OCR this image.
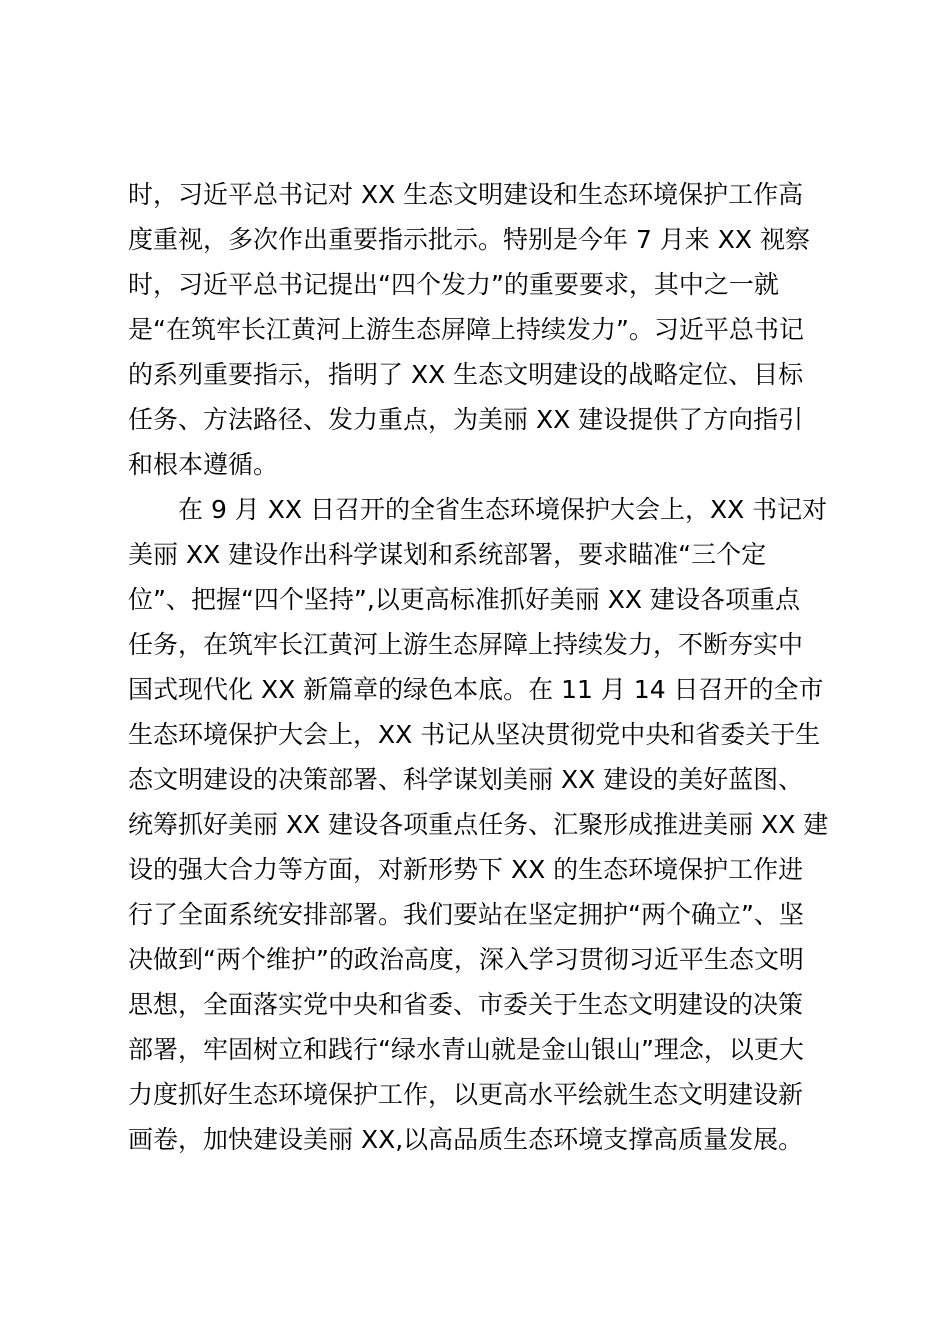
时，习近平总书记对 XX 生态文明建设和生态环境保护工作高
度重视，多次作出重要指示批示。特别是今年 7 月来 XX 视察
时，习近平总书记提出“四个发力”的重要要求，其中之一就
是“在筑牢长江黄河上游生态屏障上持续发力”。习近平总书记
的系列重要指示，指明了 XX 生态文明建设的战略定位、目标
任务、方法路径、发力重点，为美丽 XX 建设提供了方向指引
和根本遵循。
在 9 月 XX 日召开的全省生态环境保护大会上，XX 书记对
美丽 XX 建设作出科学谋划和系统部署，要求瞄准“三个定
位”、把握“四个坚持”,以更高标准抓好美丽 XX 建设各项重点
任务，在筑牢长江黄河上游生态屏障上持续发力，不断夯实中
国式现代化 XX 新篇章的绿色本底。在 11 月 14 日召开的全市
生态环境保护大会上，XX 书记从坚决贯彻党中央和省委关于生
态文明建设的决策部署、科学谋划美丽 XX 建设的美好蓝图、
统筹抓好美丽 XX 建设各项重点任务、汇聚形成推进美丽 XX 建
设的强大合力等方面，对新形势下 XX 的生态环境保护工作进
行了全面系统安排部署。我们要站在坚定拥护“两个确立”、坚
决做到“两个维护”的政治高度，深入学习贯彻习近平生态文明
思想，全面落实党中央和省委、市委关于生态文明建设的决策
部署，牢固树立和践行“绿水青山就是金山银山”理念，以更大
力度抓好生态环境保护工作，以更高水平绘就生态文明建设新
画卷，加快建设美丽 XX,以高品质生态环境支撑高质量发展。
